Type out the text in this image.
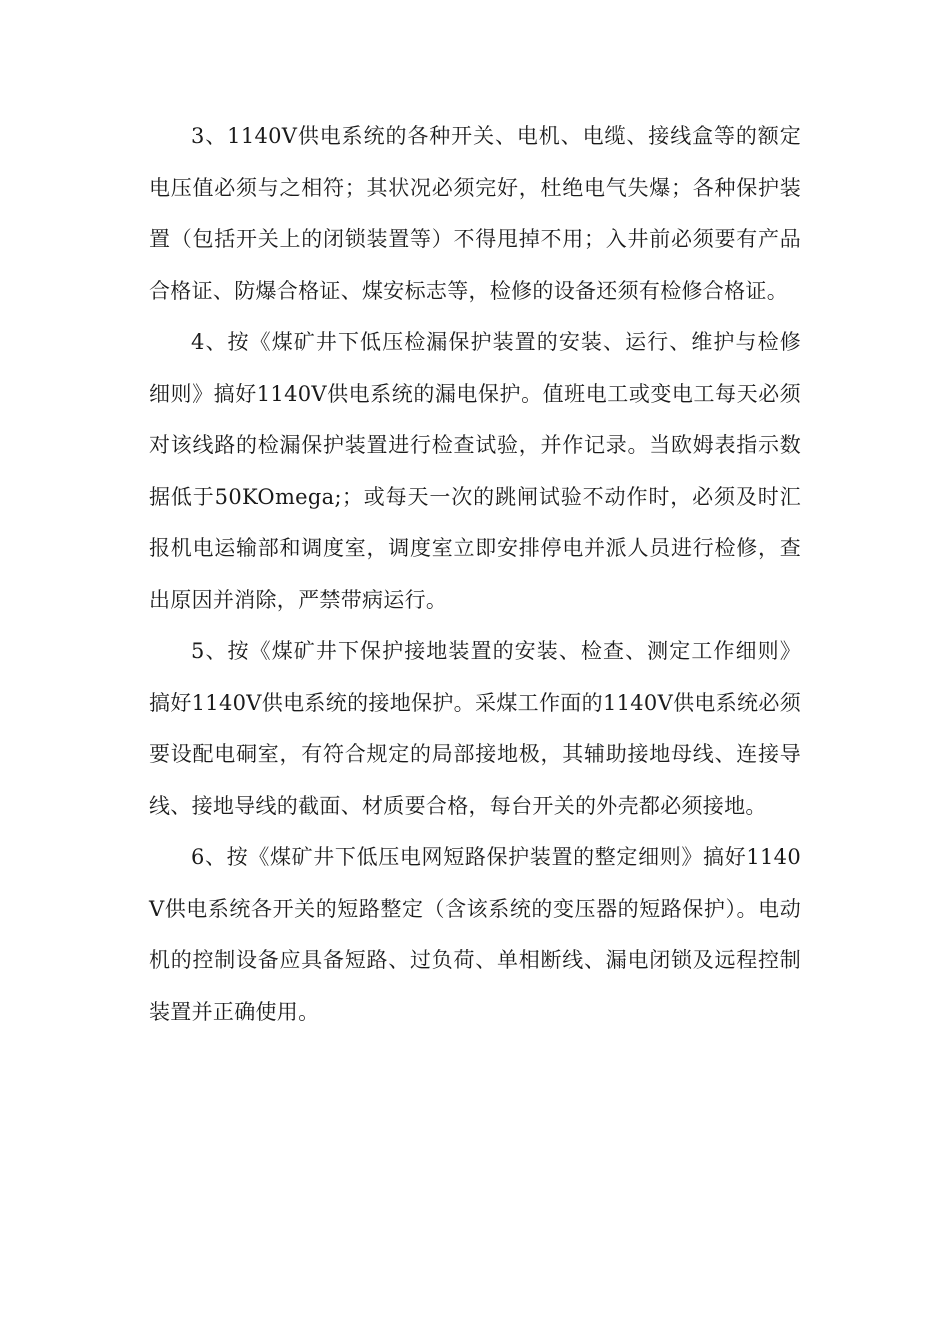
3、1140V供电系统的各种开关、电机、电缆、接线盒等的额定电压值必须与之相符；其状况必须完好，杜绝电气失爆；各种保护装置（包括开关上的闭锁装置等）不得甩掉不用；入井前必须要有产品合格证、防爆合格证、煤安标志等，检修的设备还须有检修合格证。

4、按《煤矿井下低压检漏保护装置的安装、运行、维护与检修细则》搞好1140V供电系统的漏电保护。值班电工或变电工每天必须对该线路的检漏保护装置进行检查试验，并作记录。当欧姆表指示数据低于50KOmega;；或每天一次的跳闸试验不动作时，必须及时汇报机电运输部和调度室，调度室立即安排停电并派人员进行检修，查出原因并消除，严禁带病运行。

5、按《煤矿井下保护接地装置的安装、检查、测定工作细则》搞好1140V供电系统的接地保护。采煤工作面的1140V供电系统必须要设配电硐室，有符合规定的局部接地极，其辅助接地母线、连接导线、接地导线的截面、材质要合格，每台开关的外壳都必须接地。

6、按《煤矿井下低压电网短路保护装置的整定细则》搞好1140V供电系统各开关的短路整定（含该系统的变压器的短路保护）。电动机的控制设备应具备短路、过负荷、单相断线、漏电闭锁及远程控制装置并正确使用。
